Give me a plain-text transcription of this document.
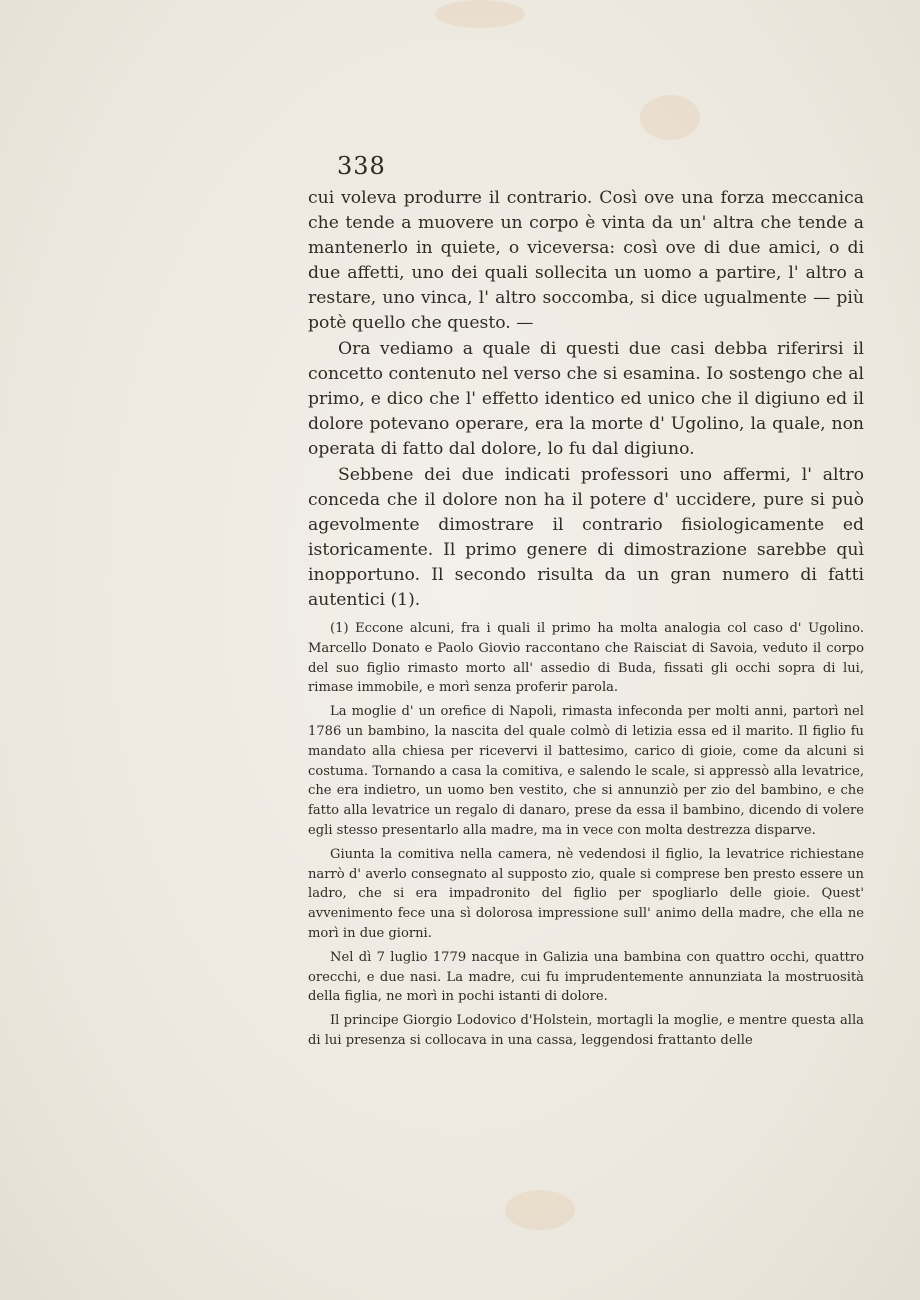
338

cui voleva produrre il contrario. Così ove una forza meccanica che tende a muovere un corpo è vinta da un' altra che tende a mantenerlo in quiete, o viceversa: così ove di due amici, o di due affetti, uno dei quali sollecita un uomo a partire, l' altro a restare, uno vinca, l' altro soccomba, si dice ugualmente — più potè quello che questo. —

Ora vediamo a quale di questi due casi debba riferirsi il concetto contenuto nel verso che si esamina. Io sostengo che al primo, e dico che l' effetto identico ed unico che il digiuno ed il dolore potevano operare, era la morte d' Ugolino, la quale, non operata di fatto dal dolore, lo fu dal digiuno.

Sebbene dei due indicati professori uno affermi, l' altro conceda che il dolore non ha il potere d' uccidere, pure si può agevolmente dimostrare il contrario fisiologicamente ed istoricamente. Il primo genere di dimostrazione sarebbe quì inopportuno. Il secondo risulta da un gran numero di fatti autentici (1).

(1) Eccone alcuni, fra i quali il primo ha molta analogia col caso d' Ugolino. Marcello Donato e Paolo Giovio raccontano che Raisciat di Savoia, veduto il corpo del suo figlio rimasto morto all' assedio di Buda, fissati gli occhi sopra di lui, rimase immobile, e morì senza proferir parola.

La moglie d' un orefice di Napoli, rimasta infeconda per molti anni, partorì nel 1786 un bambino, la nascita del quale colmò di letizia essa ed il marito. Il figlio fu mandato alla chiesa per ricevervi il battesimo, carico di gioie, come da alcuni si costuma. Tornando a casa la comitiva, e salendo le scale, si appressò alla levatrice, che era indietro, un uomo ben vestito, che si annunziò per zio del bambino, e che fatto alla levatrice un regalo di danaro, prese da essa il bambino, dicendo di volere egli stesso presentarlo alla madre, ma in vece con molta destrezza disparve.

Giunta la comitiva nella camera, nè vedendosi il figlio, la levatrice richiestane narrò d' averlo consegnato al supposto zio, quale si comprese ben presto essere un ladro, che si era impadronito del figlio per spogliarlo delle gioie. Quest' avvenimento fece una sì dolorosa impressione sull' animo della madre, che ella ne morì in due giorni.

Nel dì 7 luglio 1779 nacque in Galizia una bambina con quattro occhi, quattro orecchi, e due nasi. La madre, cui fu imprudentemente annunziata la mostruosità della figlia, ne morì in pochi istanti di dolore.

Il principe Giorgio Lodovico d'Holstein, mortagli la moglie, e mentre questa alla di lui presenza si collocava in una cassa, leggendosi frattanto delle
